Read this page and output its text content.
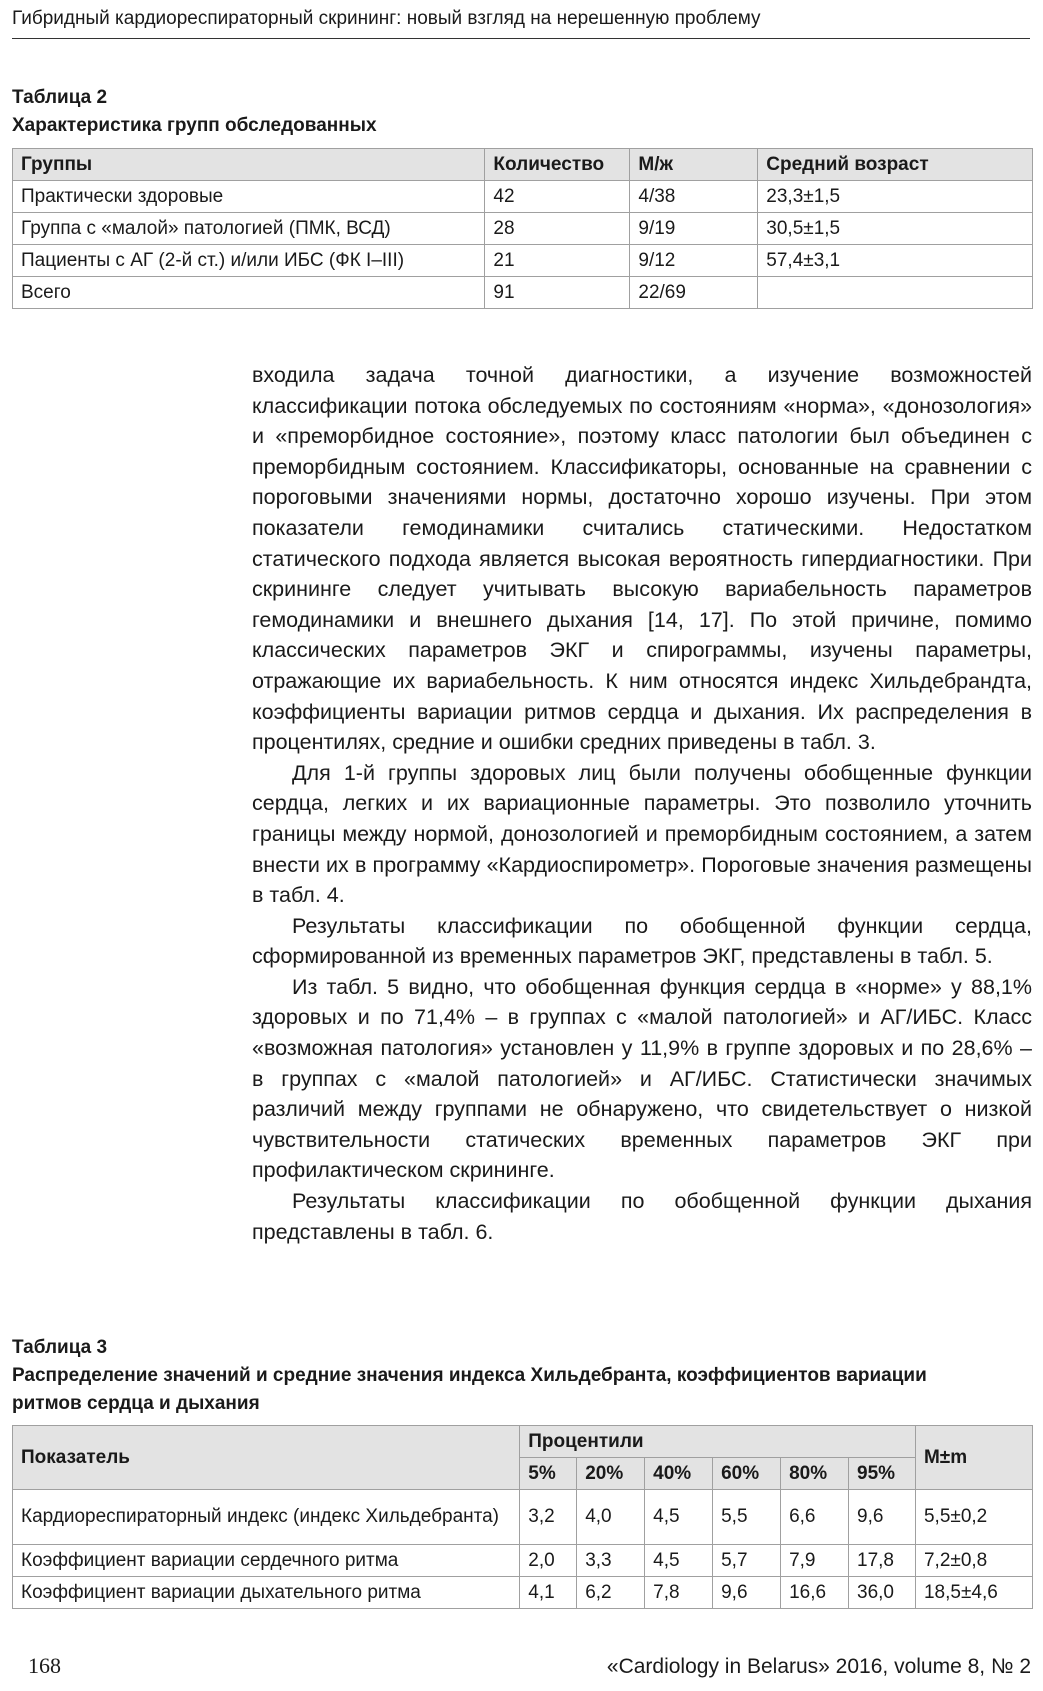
Гибридный кардиореспираторный скрининг: новый взгляд на нерешенную проблему
Таблица 2
Характеристика групп обследованных
Группы	Количество	М/ж	Средний возраст
Практически здоровые	42	4/38	23,3±1,5
Группа с «малой» патологией (ПМК, ВСД)	28	9/19	30,5±1,5
Пациенты с АГ (2-й ст.) и/или ИБС (ФК I–III)	21	9/12	57,4±3,1
Всего	91	22/69	

входила задача точной диагностики, а изучение возможностей классификации потока обследуемых по состояниям «норма», «донозология» и «преморбидное состояние», поэтому класс патологии был объединен с преморбидным состоянием. Классификаторы, основанные на сравнении с пороговыми значениями нормы, достаточно хорошо изучены. При этом показатели гемодинамики считались статическими. Недостатком статического подхода является высокая вероятность гипердиагностики. При скрининге следует учитывать высокую вариабельность параметров гемодинамики и внешнего дыхания [14, 17]. По этой причине, помимо классических параметров ЭКГ и спирограммы, изучены параметры, отражающие их вариабельность. К ним относятся индекс Хильдебрандта, коэффициенты вариации ритмов сердца и дыхания. Их распределения в процентилях, средние и ошибки средних приведены в табл. 3.

Для 1-й группы здоровых лиц были получены обобщенные функции сердца, легких и их вариационные параметры. Это позволило уточнить границы между нормой, донозологией и преморбидным состоянием, а затем внести их в программу «Кардиоспирометр». Пороговые значения размещены в табл. 4.

Результаты классификации по обобщенной функции сердца, сформированной из временных параметров ЭКГ, представлены в табл. 5.

Из табл. 5 видно, что обобщенная функция сердца в «норме» у 88,1% здоровых и по 71,4% – в группах с «малой патологией» и АГ/ИБС. Класс «возможная патология» установлен у 11,9% в группе здоровых и по 28,6% – в группах с «малой патологией» и АГ/ИБС. Статистически значимых различий между группами не обнаружено, что свидетельствует о низкой чувствительности статических временных параметров ЭКГ при профилактическом скрининге.

Результаты классификации по обобщенной функции дыхания представлены в табл. 6.

Таблица 3
Распределение значений и средние значения индекса Хильдебранта, коэффициентов вариации
ритмов сердца и дыхания
Показатель	Процентили						M±m
	5%	20%	40%	60%	80%	95%	
Кардиореспираторный индекс (индекс Хильдебранта)	3,2	4,0	4,5	5,5	6,6	9,6	5,5±0,2
Коэффициент вариации сердечного ритма	2,0	3,3	4,5	5,7	7,9	17,8	7,2±0,8
Коэффициент вариации дыхательного ритма	4,1	6,2	7,8	9,6	16,6	36,0	18,5±4,6
168	«Cardiology in Belarus» 2016, volume 8, № 2
